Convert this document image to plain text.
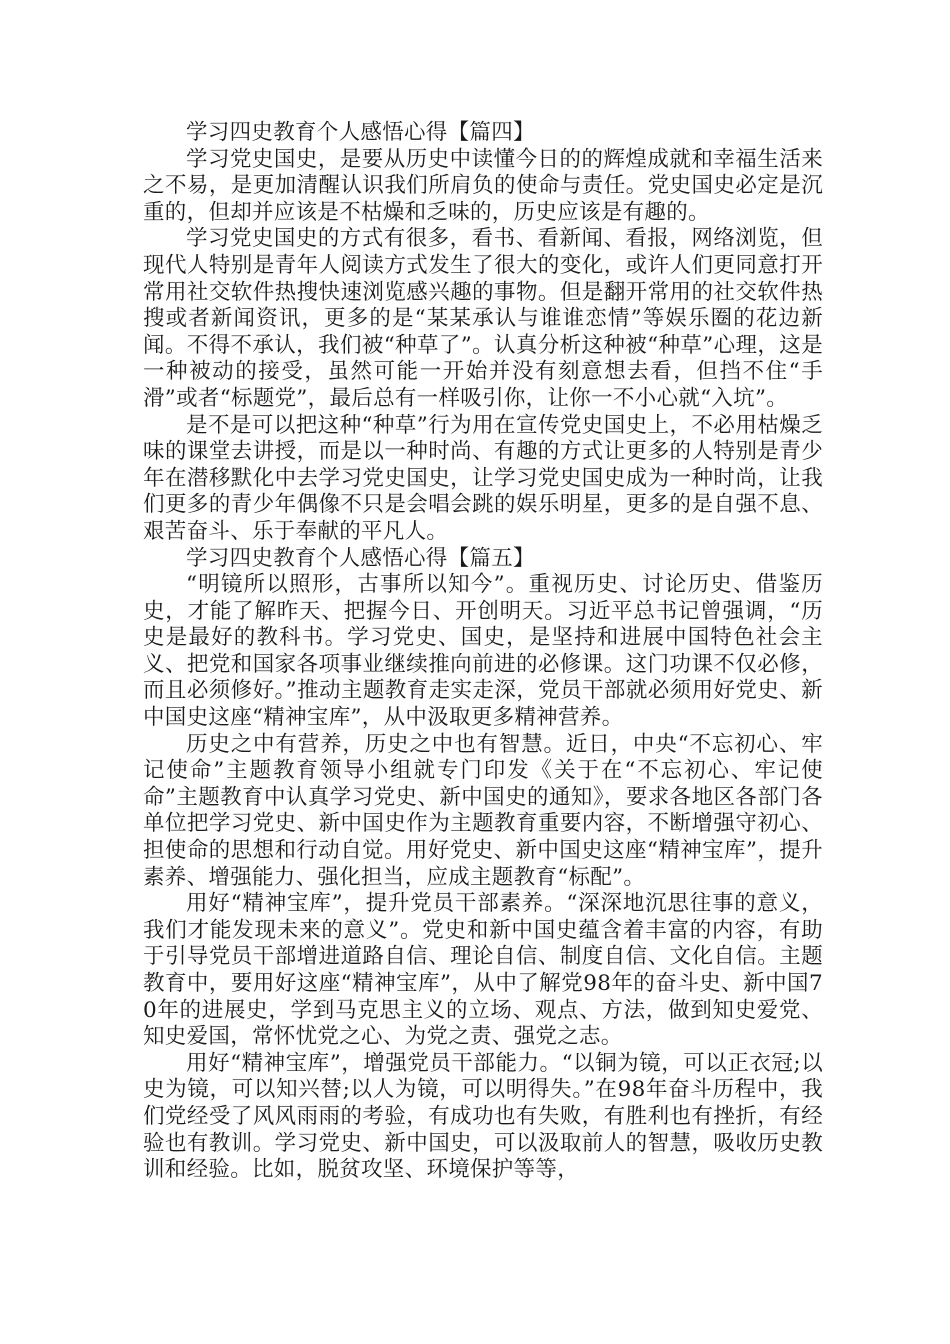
学习四史教育个人感悟心得【篇四】

学习党史国史，是要从历史中读懂今日的的辉煌成就和幸福生活来之不易，是更加清醒认识我们所肩负的使命与责任。党史国史必定是沉重的，但却并应该是不枯燥和乏味的，历史应该是有趣的。

学习党史国史的方式有很多，看书、看新闻、看报，网络浏览，但现代人特别是青年人阅读方式发生了很大的变化，或许人们更同意打开常用社交软件热搜快速浏览感兴趣的事物。但是翻开常用的社交软件热搜或者新闻资讯，更多的是“某某承认与谁谁恋情”等娱乐圈的花边新闻。不得不承认，我们被“种草了”。认真分析这种被“种草”心理，这是一种被动的接受，虽然可能一开始并没有刻意想去看，但挡不住“手滑”或者“标题党”，最后总有一样吸引你，让你一不小心就“入坑”。

是不是可以把这种“种草”行为用在宣传党史国史上，不必用枯燥乏味的课堂去讲授，而是以一种时尚、有趣的方式让更多的人特别是青少年在潜移默化中去学习党史国史，让学习党史国史成为一种时尚，让我们更多的青少年偶像不只是会唱会跳的娱乐明星，更多的是自强不息、艰苦奋斗、乐于奉献的平凡人。

学习四史教育个人感悟心得【篇五】

“明镜所以照形，古事所以知今”。重视历史、讨论历史、借鉴历史，才能了解昨天、把握今日、开创明天。习近平总书记曾强调，“历史是最好的教科书。学习党史、国史，是坚持和进展中国特色社会主义、把党和国家各项事业继续推向前进的必修课。这门功课不仅必修，而且必须修好。”推动主题教育走实走深，党员干部就必须用好党史、新中国史这座“精神宝库”，从中汲取更多精神营养。

历史之中有营养，历史之中也有智慧。近日，中央“不忘初心、牢记使命”主题教育领导小组就专门印发《关于在“不忘初心、牢记使命”主题教育中认真学习党史、新中国史的通知》，要求各地区各部门各单位把学习党史、新中国史作为主题教育重要内容，不断增强守初心、担使命的思想和行动自觉。用好党史、新中国史这座“精神宝库”，提升素养、增强能力、强化担当，应成主题教育“标配”。

用好“精神宝库”，提升党员干部素养。“深深地沉思往事的意义，我们才能发现未来的意义”。党史和新中国史蕴含着丰富的内容，有助于引导党员干部增进道路自信、理论自信、制度自信、文化自信。主题教育中，要用好这座“精神宝库”，从中了解党98年的奋斗史、新中国70年的进展史，学到马克思主义的立场、观点、方法，做到知史爱党、知史爱国，常怀忧党之心、为党之责、强党之志。

用好“精神宝库”，增强党员干部能力。“以铜为镜，可以正衣冠;以史为镜，可以知兴替;以人为镜，可以明得失。”在98年奋斗历程中，我们党经受了风风雨雨的考验，有成功也有失败，有胜利也有挫折，有经验也有教训。学习党史、新中国史，可以汲取前人的智慧，吸收历史教训和经验。比如，脱贫攻坚、环境保护等等，
